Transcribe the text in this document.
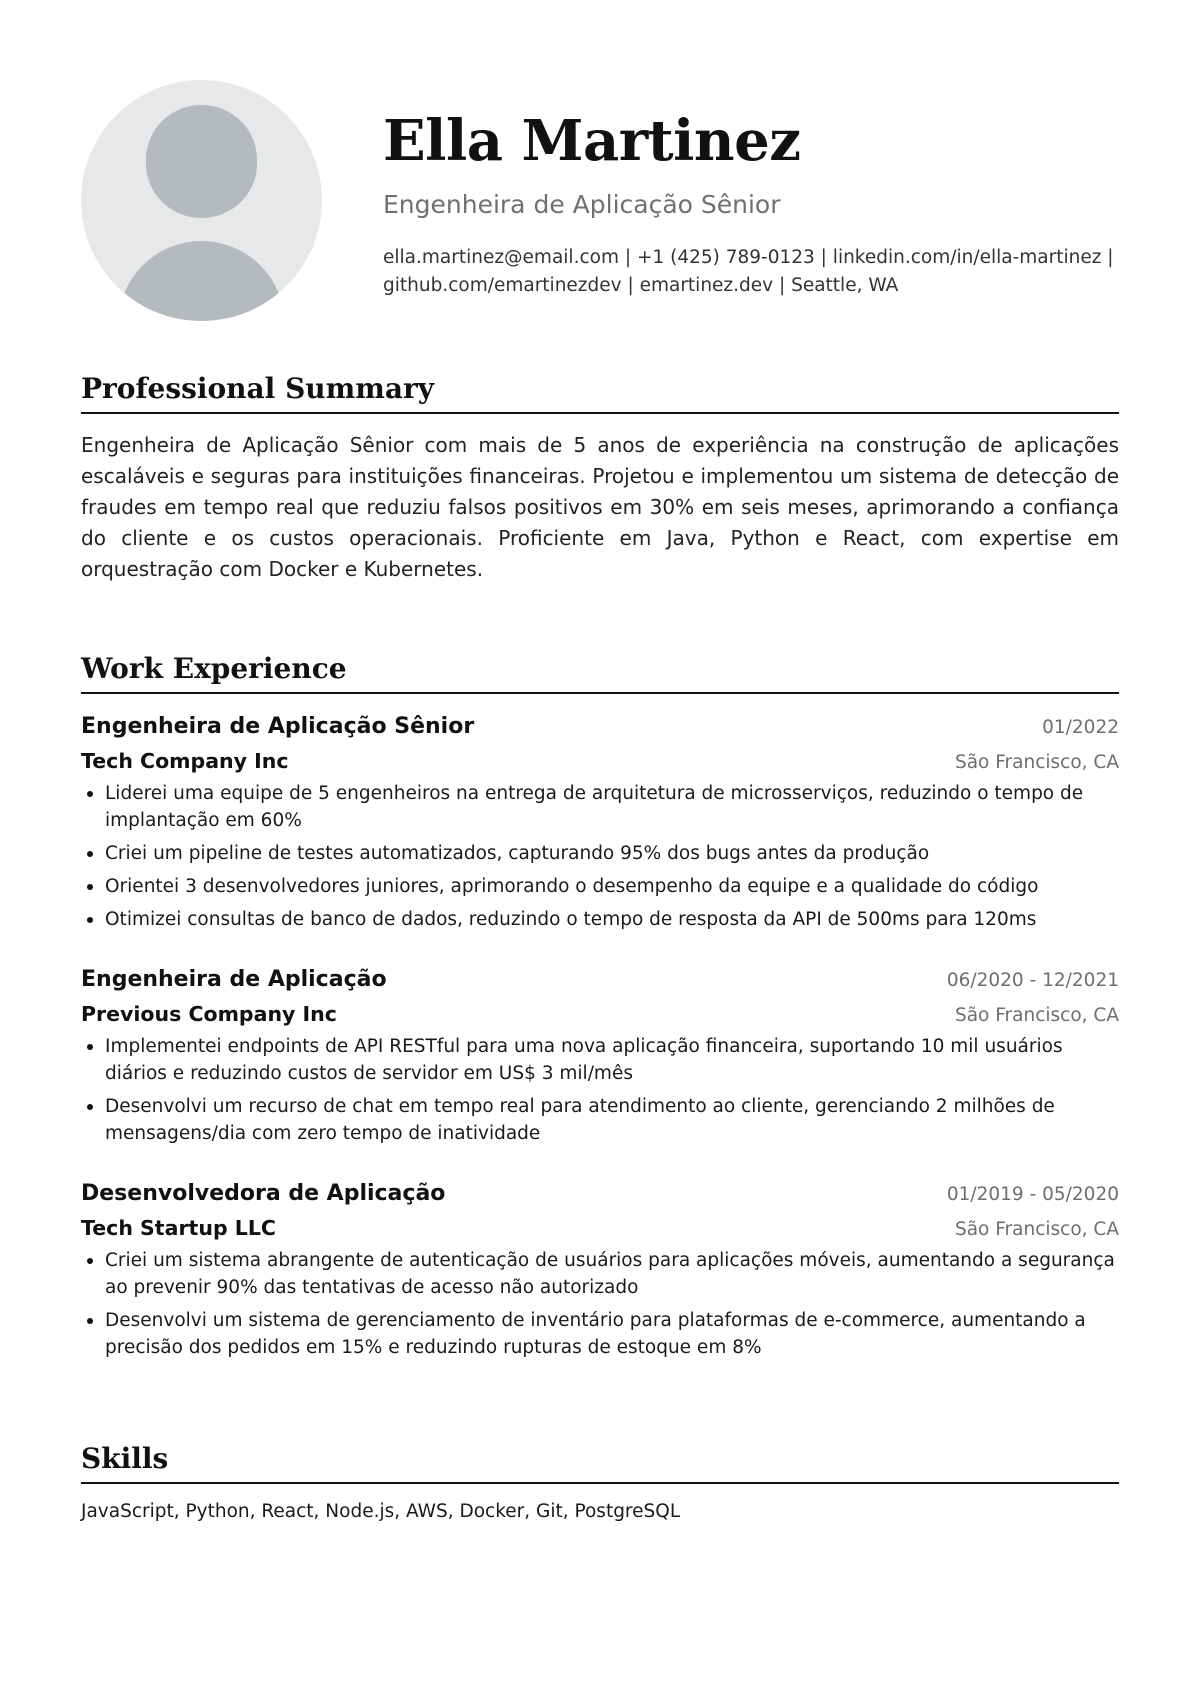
Ella Martinez
Engenheira de Aplicação Sênior
ella.martinez@email.com | +1 (425) 789-0123 | linkedin.com/in/ella-martinez |
github.com/emartinezdev | emartinez.dev | Seattle, WA
Professional Summary

Engenheira de Aplicação Sênior com mais de 5 anos de experiência na construção de aplicações escaláveis e seguras para instituições financeiras. Projetou e implementou um sistema de detecção de fraudes em tempo real que reduziu falsos positivos em 30% em seis meses, aprimorando a confiança do cliente e os custos operacionais. Proficiente em Java, Python e React, com expertise em orquestração com Docker e Kubernetes.

Work Experience
Engenheira de Aplicação Sênior	01/2022
Tech Company Inc	São Francisco, CA
Liderei uma equipe de 5 engenheiros na entrega de arquitetura de microsserviços, reduzindo o tempo de implantação em 60%
Criei um pipeline de testes automatizados, capturando 95% dos bugs antes da produção
Orientei 3 desenvolvedores juniores, aprimorando o desempenho da equipe e a qualidade do código
Otimizei consultas de banco de dados, reduzindo o tempo de resposta da API de 500ms para 120ms
Engenheira de Aplicação	06/2020 - 12/2021
Previous Company Inc	São Francisco, CA
Implementei endpoints de API RESTful para uma nova aplicação financeira, suportando 10 mil usuários diários e reduzindo custos de servidor em US$ 3 mil/mês
Desenvolvi um recurso de chat em tempo real para atendimento ao cliente, gerenciando 2 milhões de mensagens/dia com zero tempo de inatividade
Desenvolvedora de Aplicação	01/2019 - 05/2020
Tech Startup LLC	São Francisco, CA
Criei um sistema abrangente de autenticação de usuários para aplicações móveis, aumentando a segurança ao prevenir 90% das tentativas de acesso não autorizado
Desenvolvi um sistema de gerenciamento de inventário para plataformas de e-commerce, aumentando a precisão dos pedidos em 15% e reduzindo rupturas de estoque em 8%
Skills

JavaScript, Python, React, Node.js, AWS, Docker, Git, PostgreSQL
